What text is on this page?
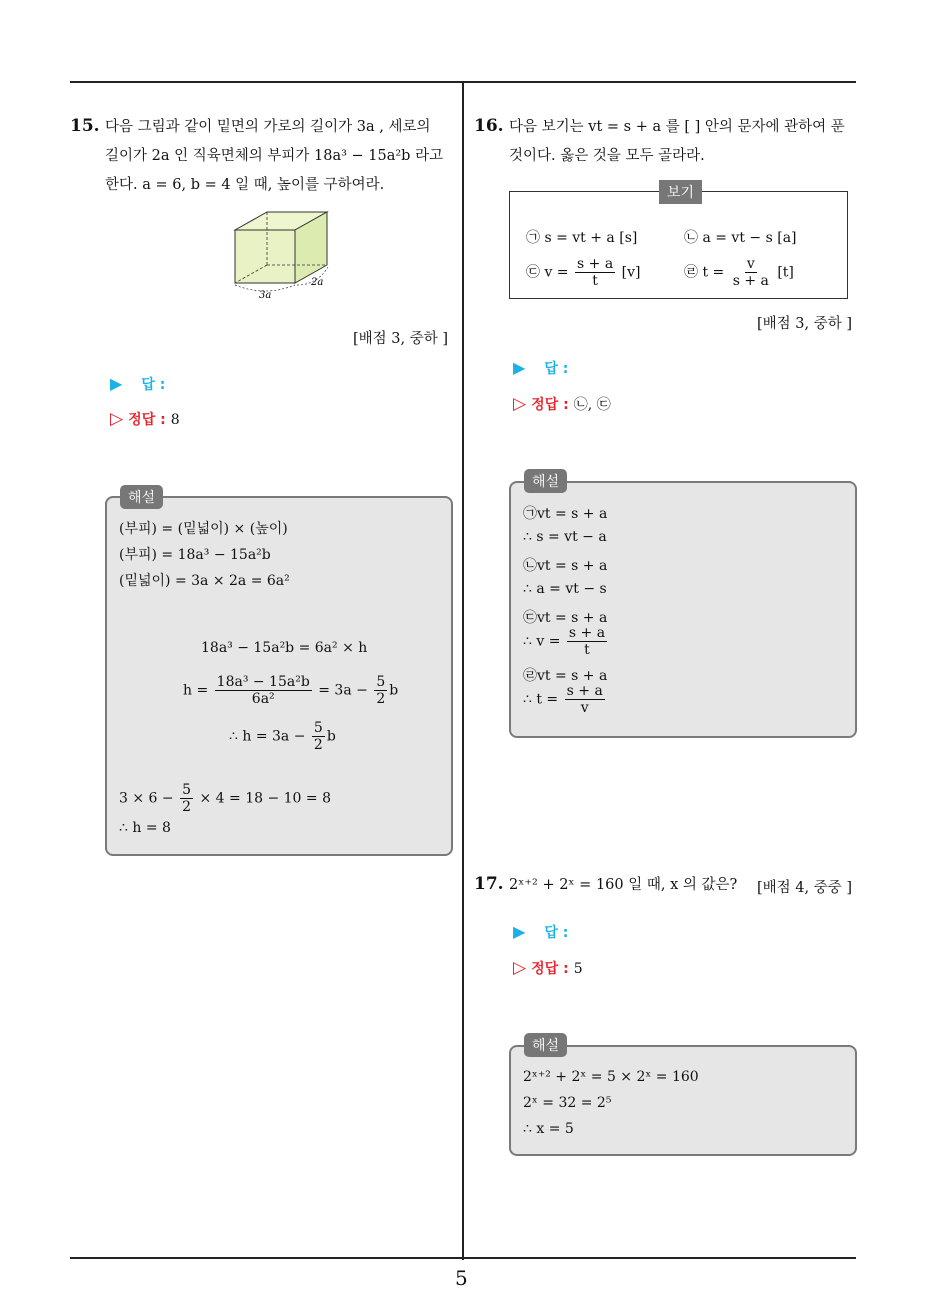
5
15. 다음 그림과 같이 밑면의 가로의 길이가 3a , 세로의
길이가 2a 인 직육면체의 부피가 18a³ − 15a²b 라고
한다. a = 6, b = 4 일 때, 높이를 구하여라.
3a
2a
[배점 3, 중하 ]
▶ 답 :
▷ 정답 : 8
(부피) = (밑넓이) × (높이)
(부피) = 18a³ − 15a²b
(밑넓이) = 3a × 2a = 6a²
18a³ − 15a²b = 6a² × h
$h = \frac{\text{18a³ − 15a²b}}{\text{6a²}} = 3a - \frac{5}{2}$ b
∴ $h = 3a - \frac{5}{2}$ b
$3 \times 6 - \frac{5}{2} \times 4 = 18 - 10 = 8$
∴ h = 8
해설
16. 다음 보기는 vt = s + a 를 [ ] 안의 문자에 관하여 푼
것이다. 옳은 것을 모두 골라라.
㉠ s = vt + a [s]	㉡ a = vt − s [a]
㉢ $v = \frac{s + a}{t} [v]$	㉣ $t = \frac{v}{s + a} [t]$
보기
[배점 3, 중하 ]
▶ 답 :
▷ 정답 : ㉡, ㉢
㉠vt = s + a
∴ s = vt − a
㉡vt = s + a
∴ a = vt − s
㉢vt = s + a
∴ $v = \frac{s + a}{t}$
㉣vt = s + a
∴ $t = \frac{s + a}{v}$
해설
17. 2ˣ⁺² + 2ˣ = 160 일 때, x 의 값은? [배점 4, 중중 ]
▶ 답 :
▷ 정답 : 5
2ˣ⁺² + 2ˣ = 5 × 2ˣ = 160
2ˣ = 32 = 2⁵
∴ x = 5
해설
